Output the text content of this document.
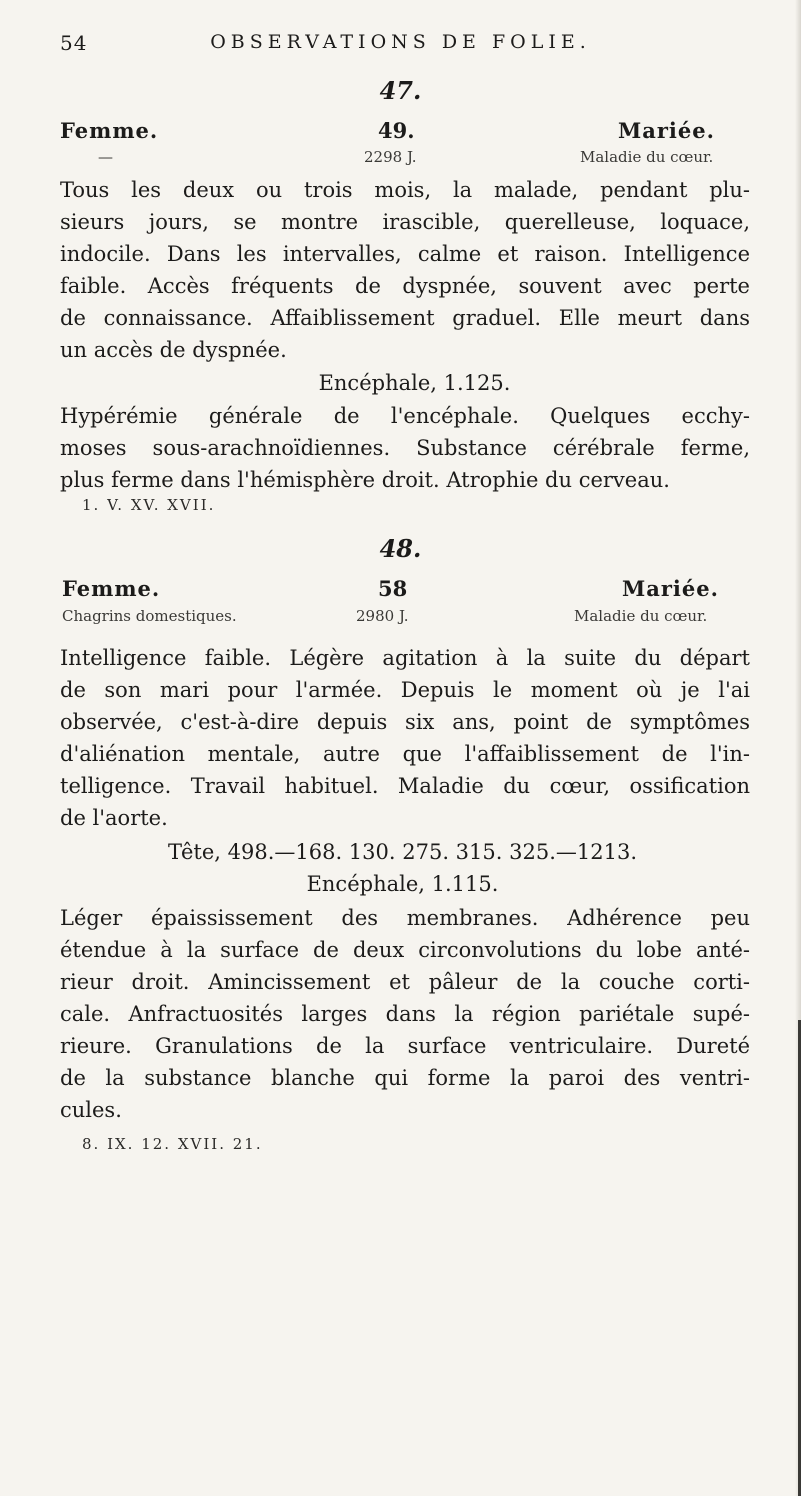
54	OBSERVATIONS DE FOLIE.
47.
Femme.	49.	Mariée.
—	2298 J.	Maladie du cœur.
Tous les deux ou trois mois, la malade, pendant plu-
sieurs jours, se montre irascible, querelleuse, loquace,
indocile. Dans les intervalles, calme et raison. Intelligence
faible. Accès fréquents de dyspnée, souvent avec perte
de connaissance. Affaiblissement graduel. Elle meurt dans
un accès de dyspnée.
Encéphale, 1.125.
Hypérémie générale de l'encéphale. Quelques ecchy-
moses sous-arachnoïdiennes. Substance cérébrale ferme,
plus ferme dans l'hémisphère droit. Atrophie du cerveau.
1. V. XV. XVII.
48.
Femme.	58	Mariée.
Chagrins domestiques.	2980 J.	Maladie du cœur.
Intelligence faible. Légère agitation à la suite du départ
de son mari pour l'armée. Depuis le moment où je l'ai
observée, c'est-à-dire depuis six ans, point de symptômes
d'aliénation mentale, autre que l'affaiblissement de l'in-
telligence. Travail habituel. Maladie du cœur, ossification
de l'aorte.
Tête, 498.—168. 130. 275. 315. 325.—1213.
Encéphale, 1.115.
Léger épaississement des membranes. Adhérence peu
étendue à la surface de deux circonvolutions du lobe anté-
rieur droit. Amincissement et pâleur de la couche corti-
cale. Anfractuosités larges dans la région pariétale supé-
rieure. Granulations de la surface ventriculaire. Dureté
de la substance blanche qui forme la paroi des ventri-
cules.
8. IX. 12. XVII. 21.
